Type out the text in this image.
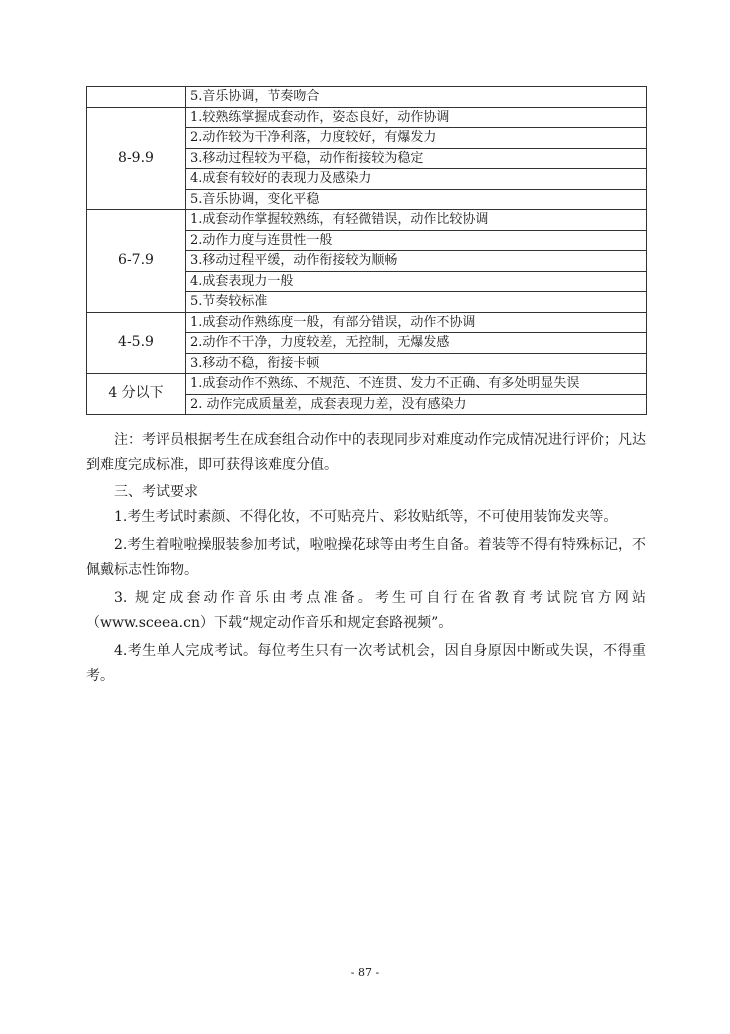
	5.音乐协调，节奏吻合
8-9.9	1.较熟练掌握成套动作，姿态良好，动作协调
	2.动作较为干净利落，力度较好，有爆发力
	3.移动过程较为平稳，动作衔接较为稳定
	4.成套有较好的表现力及感染力
	5.音乐协调，变化平稳
6-7.9	1.成套动作掌握较熟练，有轻微错误，动作比较协调
	2.动作力度与连贯性一般
	3.移动过程平缓，动作衔接较为顺畅
	4.成套表现力一般
	5.节奏较标准
4-5.9	1.成套动作熟练度一般，有部分错误，动作不协调
	2.动作不干净，力度较差，无控制，无爆发感
	3.移动不稳，衔接卡顿
4 分以下	1.成套动作不熟练、不规范、不连贯、发力不正确、有多处明显失误
	2. 动作完成质量差，成套表现力差，没有感染力

注：考评员根据考生在成套组合动作中的表现同步对难度动作完成情况进行评价；凡达到难度完成标准，即可获得该难度分值。

三、考试要求

1.考生考试时素颜、不得化妆，不可贴亮片、彩妆贴纸等，不可使用装饰发夹等。

2.考生着啦啦操服装参加考试，啦啦操花球等由考生自备。着装等不得有特殊标记，不佩戴标志性饰物。

3. 规定成套动作音乐由考点准备。考生可自行在省教育考试院官方网站（www.sceea.cn）下载“规定动作音乐和规定套路视频”。

4.考生单人完成考试。每位考生只有一次考试机会，因自身原因中断或失误，不得重考。

- 87 -
